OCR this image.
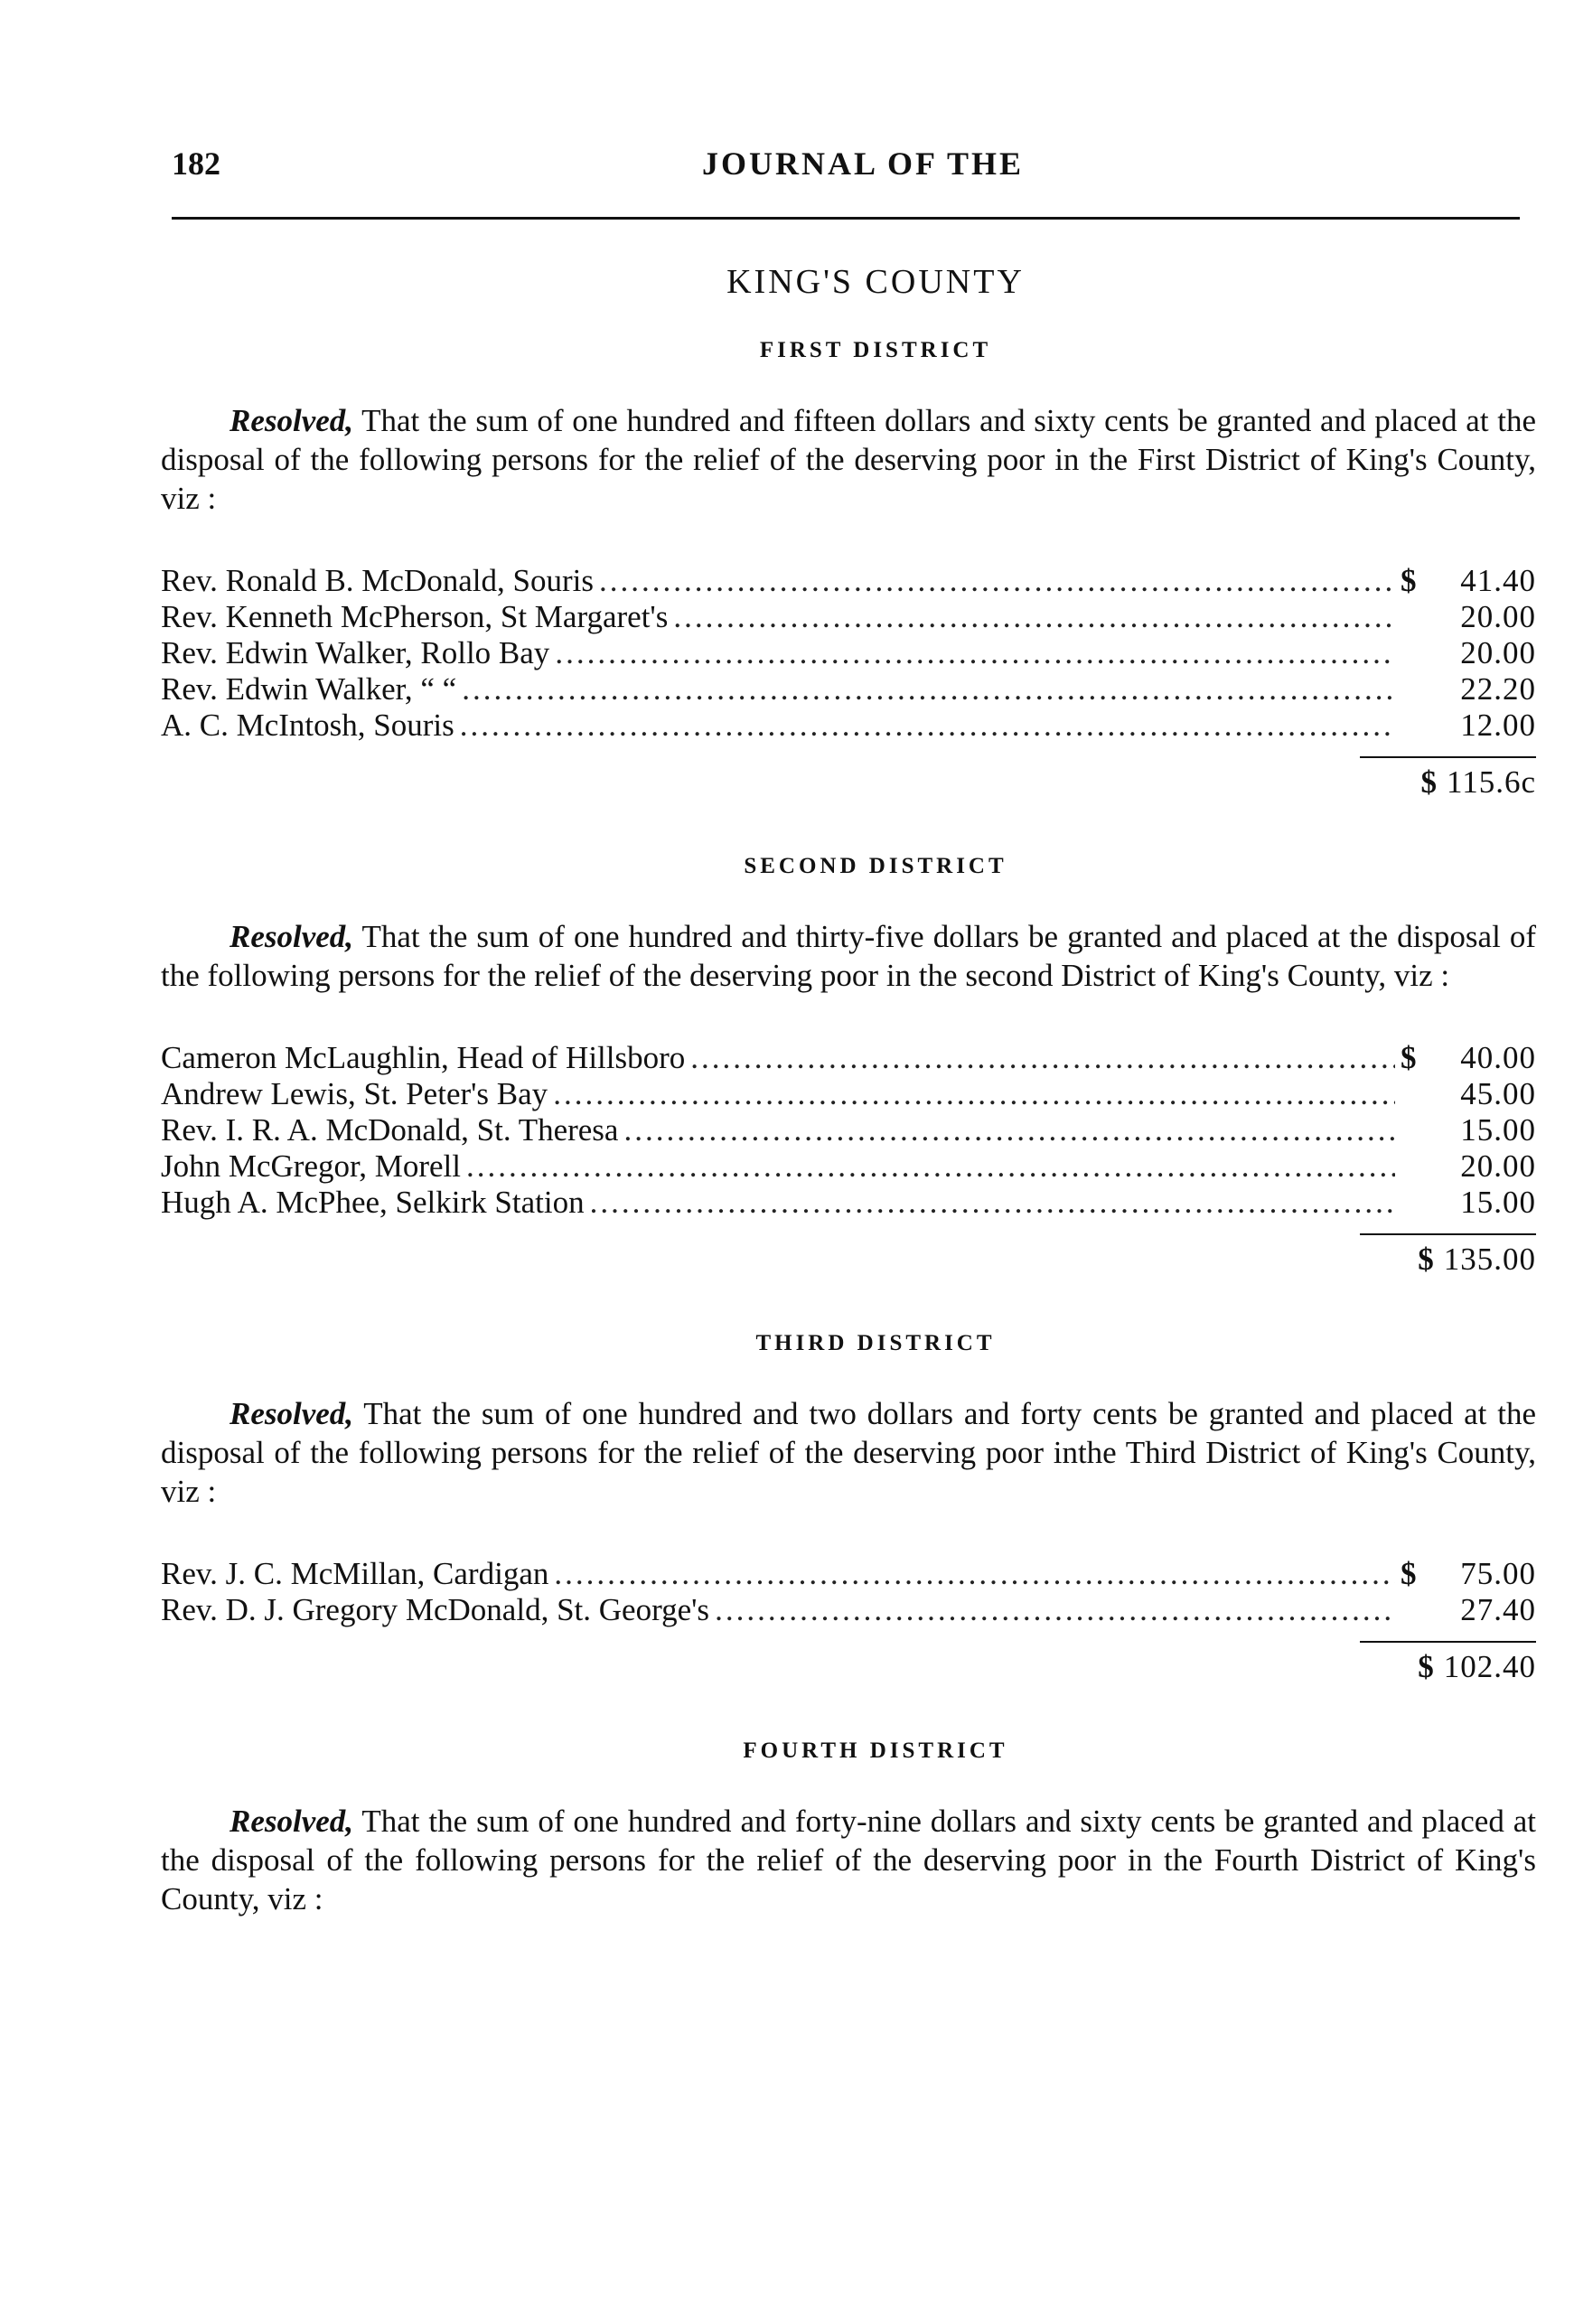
182	JOURNAL OF THE
KING'S COUNTY
FIRST DISTRICT

Resolved, That the sum of one hundred and fifteen dollars and sixty cents be granted and placed at the disposal of the following persons for the relief of the deserving poor in the First District of King's County, viz :

Rev. Ronald B. McDonald, Souris .....	$	41.40
Rev. Kenneth McPherson, St Margaret's .....	20.00
Rev. Edwin Walker, Rollo Bay .....	20.00
Rev. Edwin Walker, “ “ .....	22.20
A. C. McIntosh, Souris .....	12.00
$ 115.6c
SECOND DISTRICT

Resolved, That the sum of one hundred and thirty-five dollars be granted and placed at the disposal of the following persons for the relief of the deserving poor in the second District of King's County, viz :

Cameron McLaughlin, Head of Hillsboro .....	$	40.00
Andrew Lewis, St. Peter's Bay .....	45.00
Rev. I. R. A. McDonald, St. Theresa .....	15.00
John McGregor, Morell .....	20.00
Hugh A. McPhee, Selkirk Station .....	15.00
$ 135.00
THIRD DISTRICT

Resolved, That the sum of one hundred and two dollars and forty cents be granted and placed at the disposal of the following persons for the relief of the deserving poor inthe Third District of King's County, viz :

Rev. J. C. McMillan, Cardigan .....	$	75.00
Rev. D. J. Gregory McDonald, St. George's .....	27.40
$ 102.40
FOURTH DISTRICT

Resolved, That the sum of one hundred and forty-nine dollars and sixty cents be granted and placed at the disposal of the following persons for the relief of the deserving poor in the Fourth District of King's County, viz :
